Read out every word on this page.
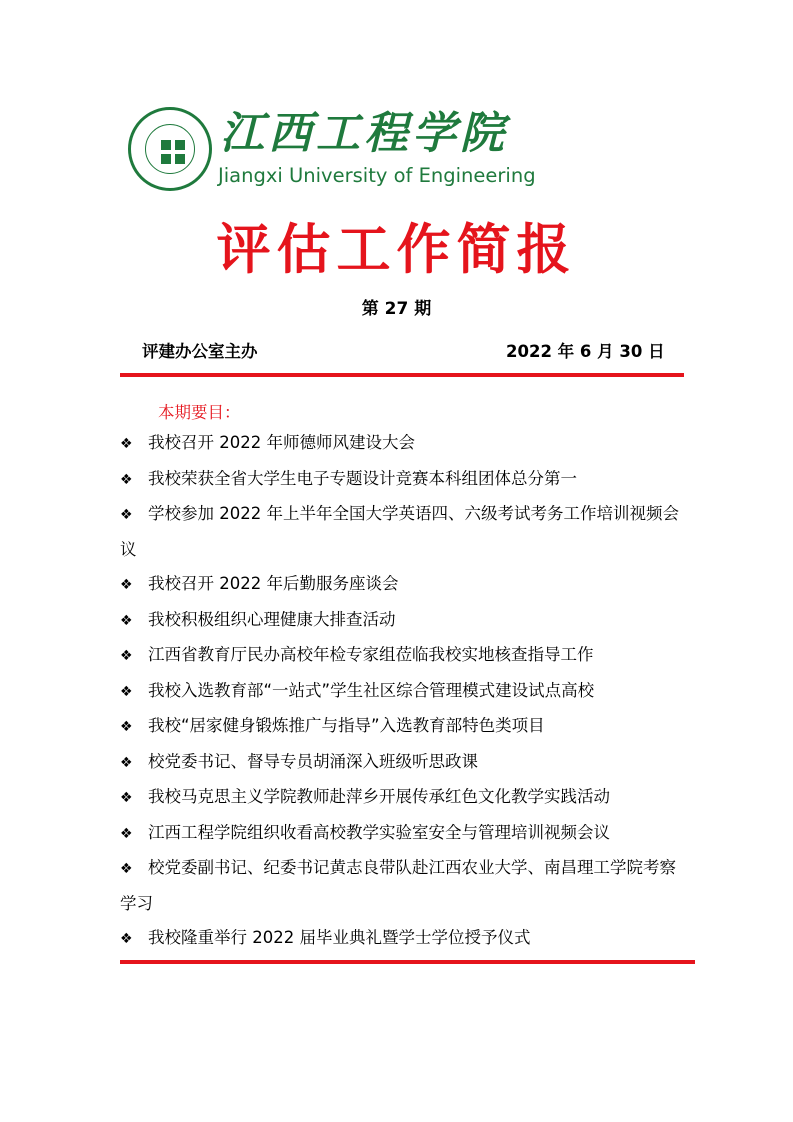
江西工程学院
Jiangxi University of Engineering
评估工作简报
第 27 期
评建办公室主办	2022 年 6 月 30 日
本期要目：
❖ 我校召开 2022 年师德师风建设大会
❖ 我校荣获全省大学生电子专题设计竞赛本科组团体总分第一
❖ 学校参加 2022 年上半年全国大学英语四、六级考试考务工作培训视频会议
❖ 我校召开 2022 年后勤服务座谈会
❖ 我校积极组织心理健康大排查活动
❖ 江西省教育厅民办高校年检专家组莅临我校实地核查指导工作
❖ 我校入选教育部“一站式”学生社区综合管理模式建设试点高校
❖ 我校“居家健身锻炼推广与指导”入选教育部特色类项目
❖ 校党委书记、督导专员胡涌深入班级听思政课
❖ 我校马克思主义学院教师赴萍乡开展传承红色文化教学实践活动
❖ 江西工程学院组织收看高校教学实验室安全与管理培训视频会议
❖ 校党委副书记、纪委书记黄志良带队赴江西农业大学、南昌理工学院考察学习
❖ 我校隆重举行 2022 届毕业典礼暨学士学位授予仪式
